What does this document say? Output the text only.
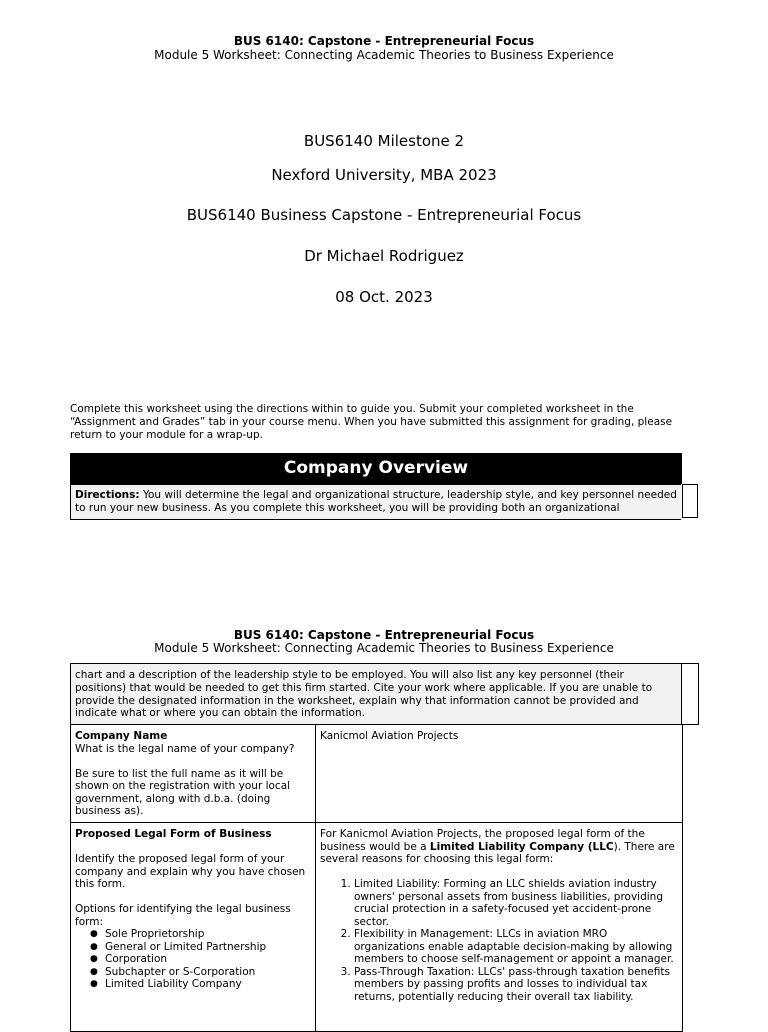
BUS 6140: Capstone - Entrepreneurial Focus
Module 5 Worksheet: Connecting Academic Theories to Business Experience
BUS6140 Milestone 2
Nexford University, MBA 2023
BUS6140 Business Capstone - Entrepreneurial Focus
Dr Michael Rodriguez
08 Oct. 2023
Complete this worksheet using the directions within to guide you. Submit your completed worksheet in the “Assignment and Grades” tab in your course menu. When you have submitted this assignment for grading, please return to your module for a wrap-up.
Company Overview
Directions: You will determine the legal and organizational structure, leadership style, and key personnel needed to run your new business. As you complete this worksheet, you will be providing both an organizational
BUS 6140: Capstone - Entrepreneurial Focus
Module 5 Worksheet: Connecting Academic Theories to Business Experience
chart and a description of the leadership style to be employed. You will also list any key personnel (their positions) that would be needed to get this firm started. Cite your work where applicable. If you are unable to provide the designated information in the worksheet, explain why that information cannot be provided and indicate what or where you can obtain the information.
Company Name
What is the legal name of your company?
Be sure to list the full name as it will be shown on the registration with your local government, along with d.b.a. (doing business as).
Kanicmol Aviation Projects
Proposed Legal Form of Business
Identify the proposed legal form of your company and explain why you have chosen this form.
Options for identifying the legal business form:
● Sole Proprietorship
● General or Limited Partnership
● Corporation
● Subchapter or S-Corporation
● Limited Liability Company
For Kanicmol Aviation Projects, the proposed legal form of the business would be a Limited Liability Company (LLC). There are several reasons for choosing this legal form:
1. Limited Liability: Forming an LLC shields aviation industry owners' personal assets from business liabilities, providing crucial protection in a safety-focused yet accident-prone sector.
2. Flexibility in Management: LLCs in aviation MRO organizations enable adaptable decision-making by allowing members to choose self-management or appoint a manager.
3. Pass-Through Taxation: LLCs' pass-through taxation benefits members by passing profits and losses to individual tax returns, potentially reducing their overall tax liability.
